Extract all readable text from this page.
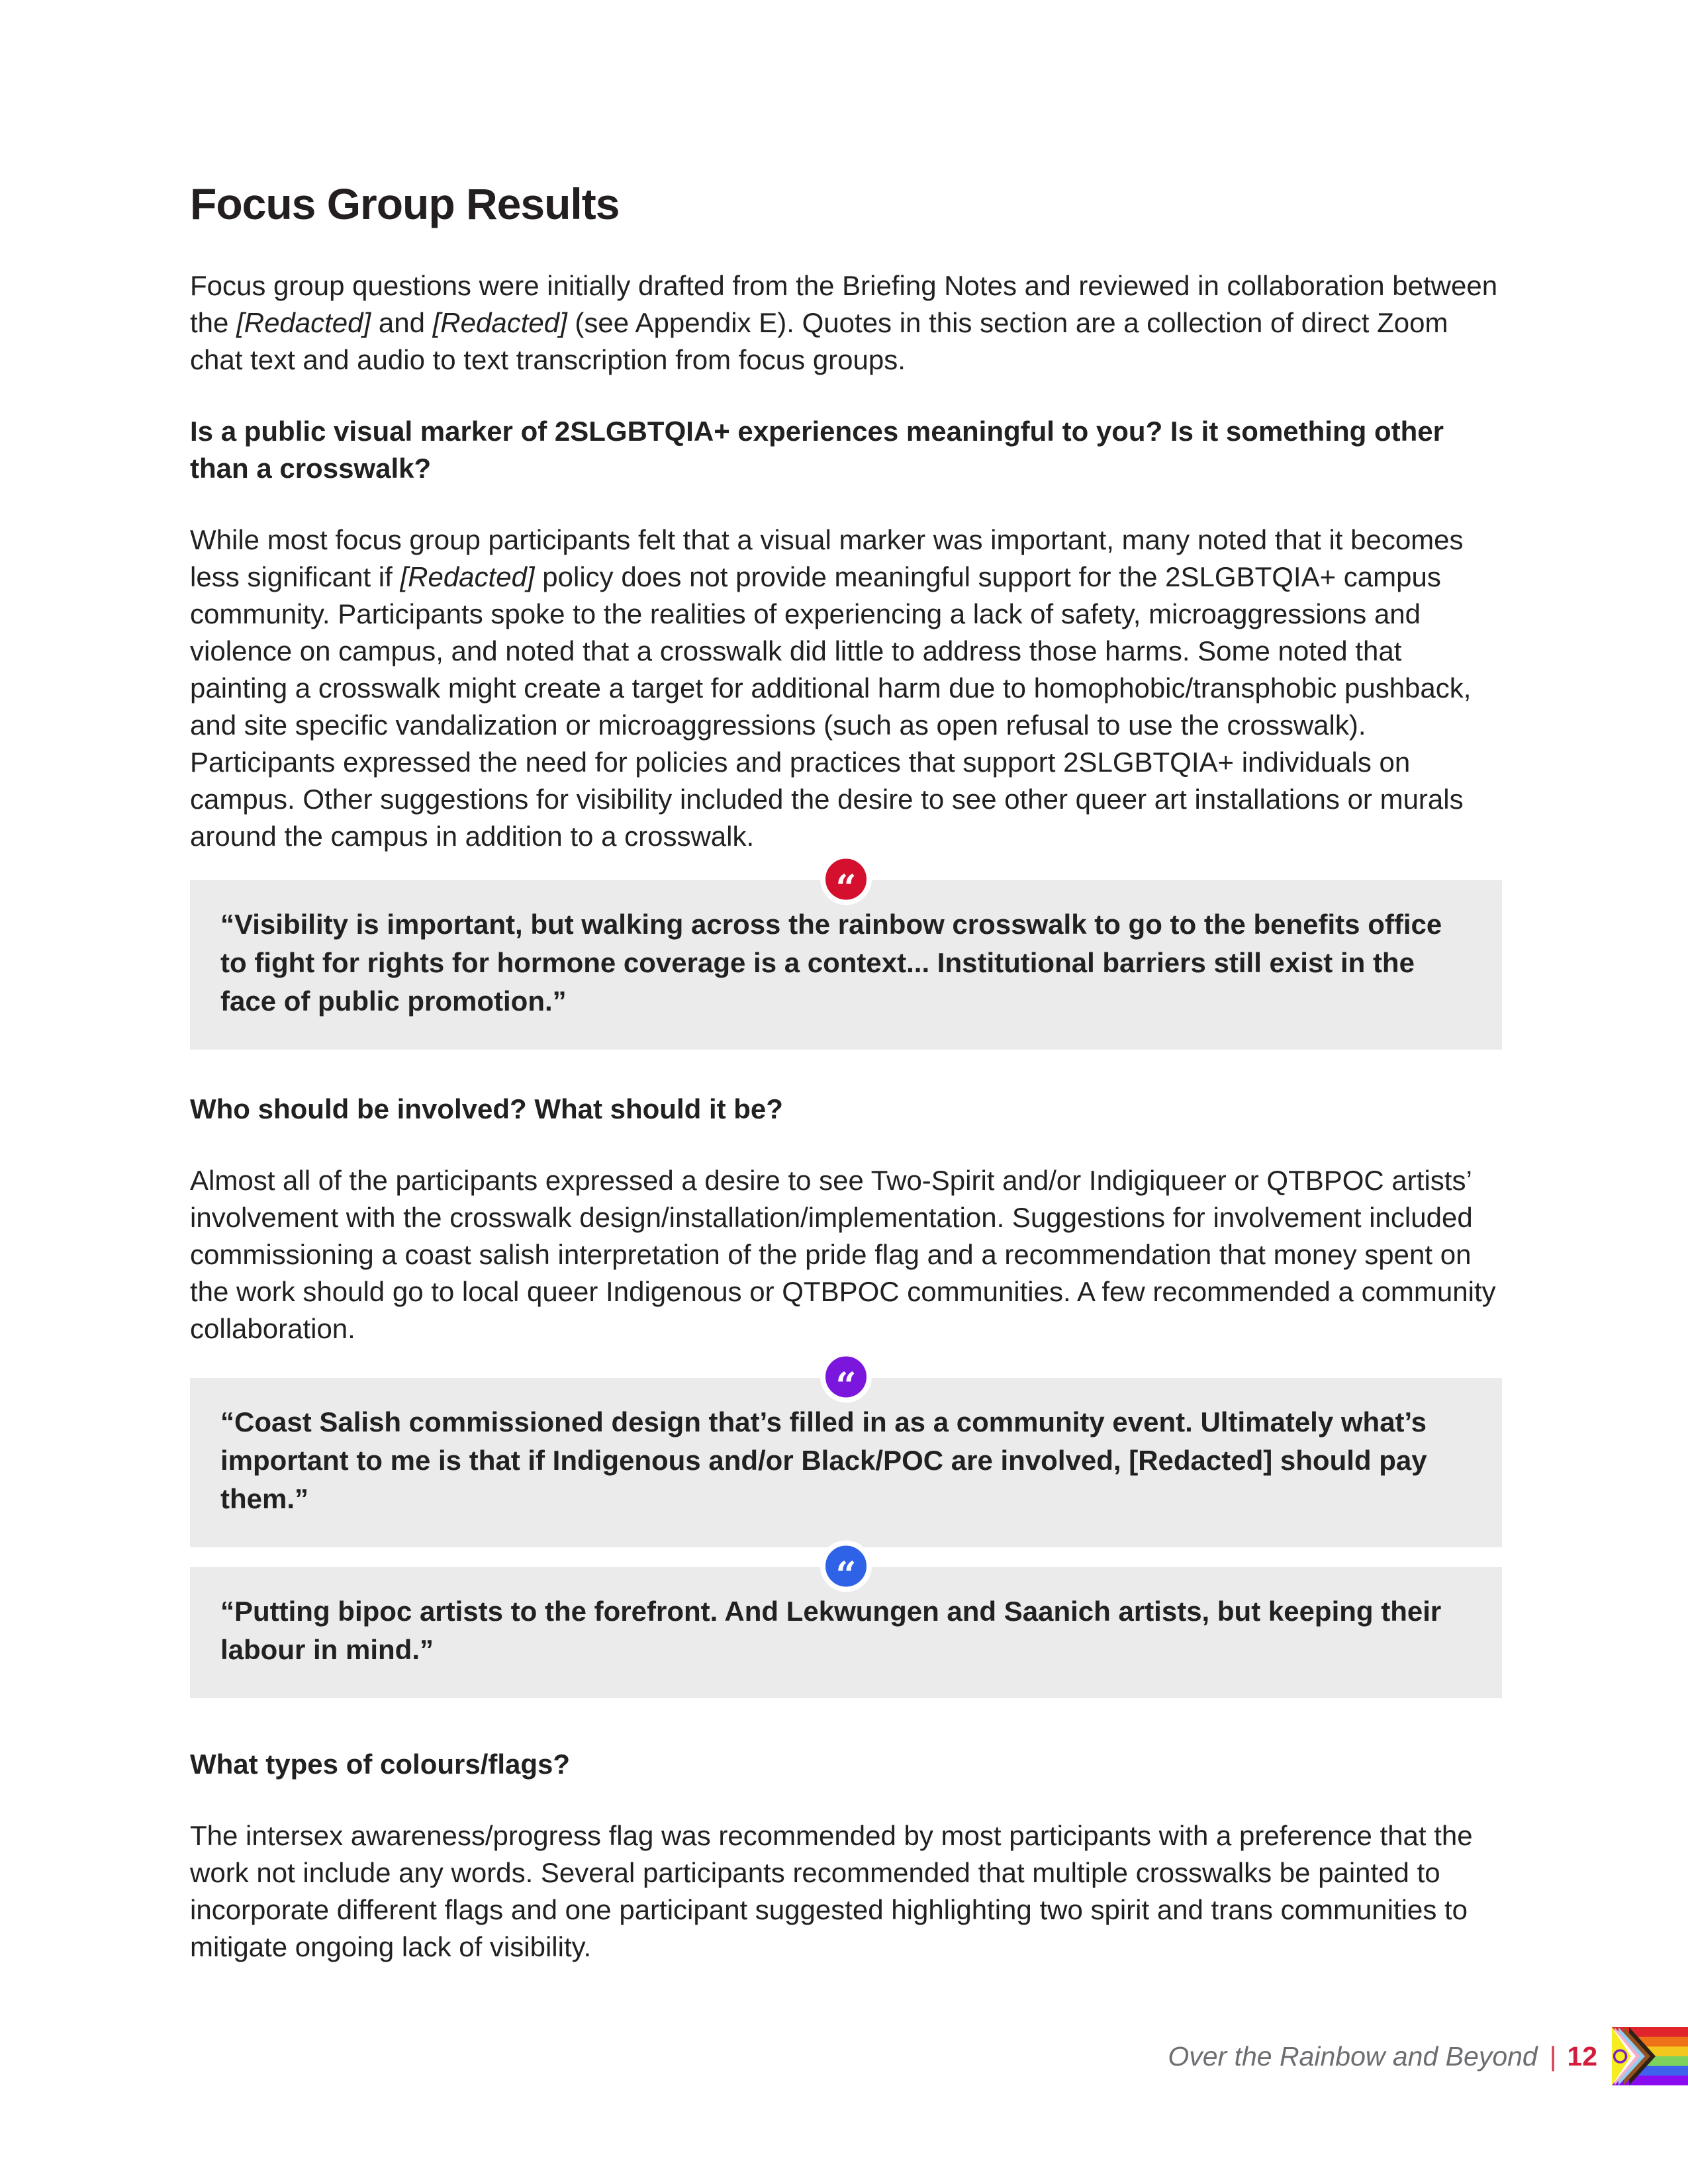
Focus Group Results

Focus group questions were initially drafted from the Briefing Notes and reviewed in collaboration between the [Redacted] and [Redacted] (see Appendix E). Quotes in this section are a collection of direct Zoom chat text and audio to text transcription from focus groups.

Is a public visual marker of 2SLGBTQIA+ experiences meaningful to you? Is it something other than a crosswalk?

While most focus group participants felt that a visual marker was important, many noted that it becomes less significant if [Redacted] policy does not provide meaningful support for the 2SLGBTQIA+ campus community. Participants spoke to the realities of experiencing a lack of safety, microaggressions and violence on campus, and noted that a crosswalk did little to address those harms. Some noted that painting a crosswalk might create a target for additional harm due to homophobic/transphobic pushback, and site specific vandalization or microaggressions (such as open refusal to use the crosswalk). Participants expressed the need for policies and practices that support 2SLGBTQIA+ individuals on campus. Other suggestions for visibility included the desire to see other queer art installations or murals around the campus in addition to a crosswalk.

“
“Visibility is important, but walking across the rainbow crosswalk to go to the benefits office to fight for rights for hormone coverage is a context... Institutional barriers still exist in the face of public promotion.”
Who should be involved? What should it be?

Almost all of the participants expressed a desire to see Two-Spirit and/or Indigiqueer or QTBPOC artists’ involvement with the crosswalk design/installation/implementation. Suggestions for involvement included commissioning a coast salish interpretation of the pride flag and a recommendation that money spent on the work should go to local queer Indigenous or QTBPOC communities. A few recommended a community collaboration.

“
“Coast Salish commissioned design that’s filled in as a community event. Ultimately what’s important to me is that if Indigenous and/or Black/POC are involved, [Redacted] should pay them.”
“
“Putting bipoc artists to the forefront. And Lekwungen and Saanich artists, but keeping their labour in mind.”
What types of colours/flags?

The intersex awareness/progress flag was recommended by most participants with a preference that the work not include any words. Several participants recommended that multiple crosswalks be painted to incorporate different flags and one participant suggested highlighting two spirit and trans communities to mitigate ongoing lack of visibility.

Over the Rainbow and Beyond | 12
